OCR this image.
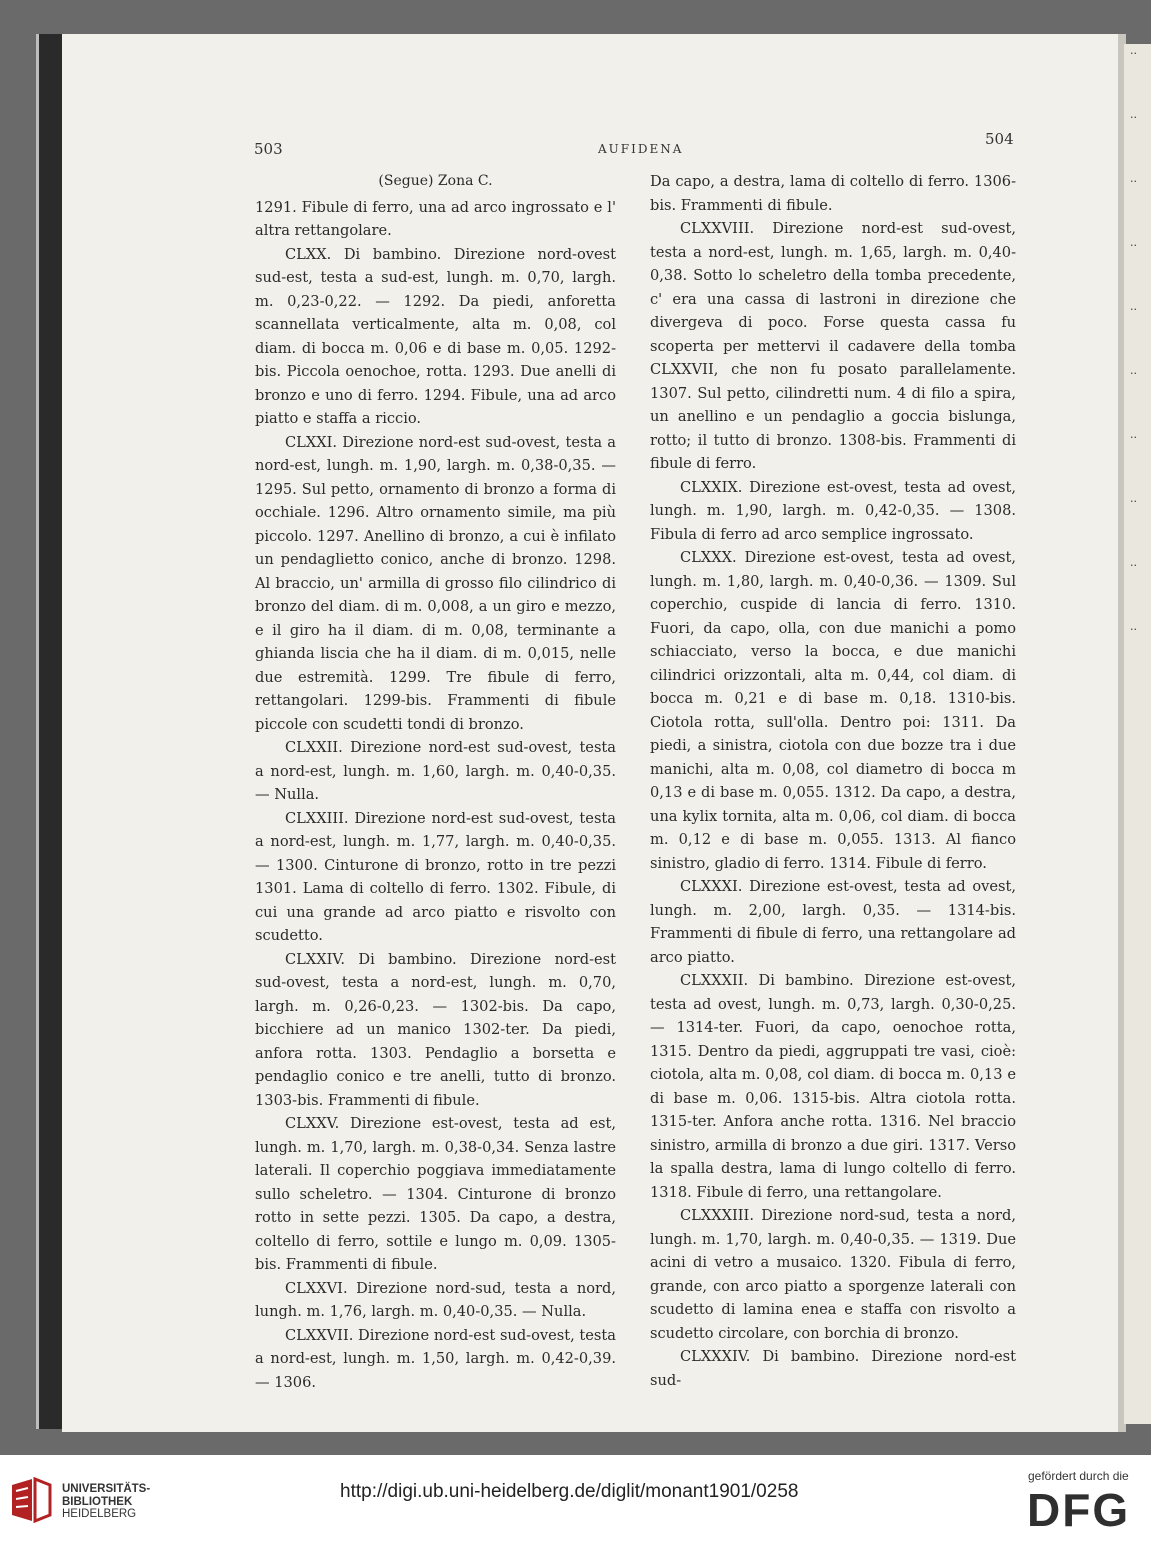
..
..
..
..
..
..
..
..
..
..
503	AUFIDENA
504

(Segue) Zona C.

1291. Fibule di ferro, una ad arco ingrossato e l' altra rettangolare.

CLXX. Di bambino. Direzione nord-ovest sud-est, testa a sud-est, lungh. m. 0,70, largh. m. 0,23-0,22. — 1292. Da piedi, anforetta scannellata verticalmente, alta m. 0,08, col diam. di bocca m. 0,06 e di base m. 0,05. 1292-bis. Piccola oenochoe, rotta. 1293. Due anelli di bronzo e uno di ferro. 1294. Fibule, una ad arco piatto e staffa a riccio.

CLXXI. Direzione nord-est sud-ovest, testa a nord-est, lungh. m. 1,90, largh. m. 0,38-0,35. — 1295. Sul petto, ornamento di bronzo a forma di occhiale. 1296. Altro ornamento simile, ma più piccolo. 1297. Anellino di bronzo, a cui è infilato un pendaglietto conico, anche di bronzo. 1298. Al braccio, un' armilla di grosso filo cilindrico di bronzo del diam. di m. 0,008, a un giro e mezzo, e il giro ha il diam. di m. 0,08, terminante a ghianda liscia che ha il diam. di m. 0,015, nelle due estremità. 1299. Tre fibule di ferro, rettangolari. 1299-bis. Frammenti di fibule piccole con scudetti tondi di bronzo.

CLXXII. Direzione nord-est sud-ovest, testa a nord-est, lungh. m. 1,60, largh. m. 0,40-0,35. — Nulla.

CLXXIII. Direzione nord-est sud-ovest, testa a nord-est, lungh. m. 1,77, largh. m. 0,40-0,35. — 1300. Cinturone di bronzo, rotto in tre pezzi 1301. Lama di coltello di ferro. 1302. Fibule, di cui una grande ad arco piatto e risvolto con scudetto.

CLXXIV. Di bambino. Direzione nord-est sud-ovest, testa a nord-est, lungh. m. 0,70, largh. m. 0,26-0,23. — 1302-bis. Da capo, bicchiere ad un manico 1302-ter. Da piedi, anfora rotta. 1303. Pendaglio a borsetta e pendaglio conico e tre anelli, tutto di bronzo. 1303-bis. Frammenti di fibule.

CLXXV. Direzione est-ovest, testa ad est, lungh. m. 1,70, largh. m. 0,38-0,34. Senza lastre laterali. Il coperchio poggiava immediatamente sullo scheletro. — 1304. Cinturone di bronzo rotto in sette pezzi. 1305. Da capo, a destra, coltello di ferro, sottile e lungo m. 0,09. 1305-bis. Frammenti di fibule.

CLXXVI. Direzione nord-sud, testa a nord, lungh. m. 1,76, largh. m. 0,40-0,35. — Nulla.

CLXXVII. Direzione nord-est sud-ovest, testa a nord-est, lungh. m. 1,50, largh. m. 0,42-0,39. — 1306.

Da capo, a destra, lama di coltello di ferro. 1306-bis. Frammenti di fibule.

CLXXVIII. Direzione nord-est sud-ovest, testa a nord-est, lungh. m. 1,65, largh. m. 0,40-0,38. Sotto lo scheletro della tomba precedente, c' era una cassa di lastroni in direzione che divergeva di poco. Forse questa cassa fu scoperta per mettervi il cadavere della tomba CLXXVII, che non fu posato parallelamente. 1307. Sul petto, cilindretti num. 4 di filo a spira, un anellino e un pendaglio a goccia bislunga, rotto; il tutto di bronzo. 1308-bis. Frammenti di fibule di ferro.

CLXXIX. Direzione est-ovest, testa ad ovest, lungh. m. 1,90, largh. m. 0,42-0,35. — 1308. Fibula di ferro ad arco semplice ingrossato.

CLXXX. Direzione est-ovest, testa ad ovest, lungh. m. 1,80, largh. m. 0,40-0,36. — 1309. Sul coperchio, cuspide di lancia di ferro. 1310. Fuori, da capo, olla, con due manichi a pomo schiacciato, verso la bocca, e due manichi cilindrici orizzontali, alta m. 0,44, col diam. di bocca m. 0,21 e di base m. 0,18. 1310-bis. Ciotola rotta, sull'olla. Dentro poi: 1311. Da piedi, a sinistra, ciotola con due bozze tra i due manichi, alta m. 0,08, col diametro di bocca m 0,13 e di base m. 0,055. 1312. Da capo, a destra, una kylix tornita, alta m. 0,06, col diam. di bocca m. 0,12 e di base m. 0,055. 1313. Al fianco sinistro, gladio di ferro. 1314. Fibule di ferro.

CLXXXI. Direzione est-ovest, testa ad ovest, lungh. m. 2,00, largh. 0,35. — 1314-bis. Frammenti di fibule di ferro, una rettangolare ad arco piatto.

CLXXXII. Di bambino. Direzione est-ovest, testa ad ovest, lungh. m. 0,73, largh. 0,30-0,25. — 1314-ter. Fuori, da capo, oenochoe rotta, 1315. Dentro da piedi, aggruppati tre vasi, cioè: ciotola, alta m. 0,08, col diam. di bocca m. 0,13 e di base m. 0,06. 1315-bis. Altra ciotola rotta. 1315-ter. Anfora anche rotta. 1316. Nel braccio sinistro, armilla di bronzo a due giri. 1317. Verso la spalla destra, lama di lungo coltello di ferro. 1318. Fibule di ferro, una rettangolare.

CLXXXIII. Direzione nord-sud, testa a nord, lungh. m. 1,70, largh. m. 0,40-0,35. — 1319. Due acini di vetro a musaico. 1320. Fibula di ferro, grande, con arco piatto a sporgenze laterali con scudetto di lamina enea e staffa con risvolto a scudetto circolare, con borchia di bronzo.

CLXXXIV. Di bambino. Direzione nord-est sud-

UNIVERSITÄTS-
BIBLIOTHEK
HEIDELBERG
http://digi.ub.uni-heidelberg.de/diglit/monant1901/0258
gefördert durch die
DFG
